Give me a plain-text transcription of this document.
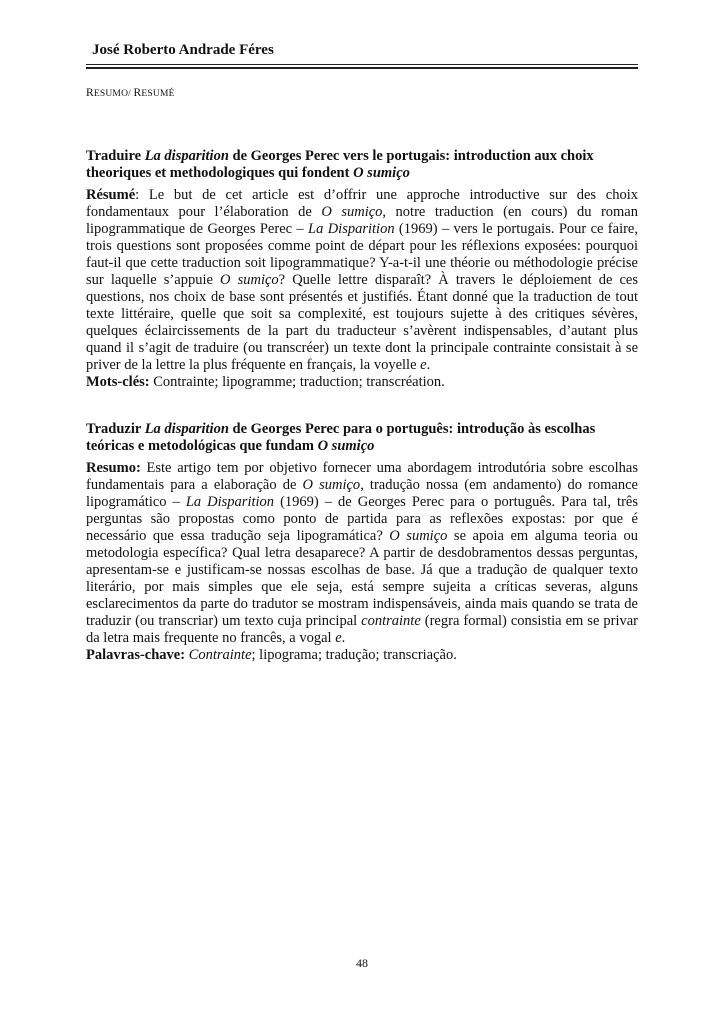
José Roberto Andrade Féres
RESUMO/ RESUMÉ

Traduire La disparition de Georges Perec vers le portugais: introduction aux choix theoriques et methodologiques qui fondent O sumiço

Résumé: Le but de cet article est d’offrir une approche introductive sur des choix fondamentaux pour l’élaboration de O sumiço, notre traduction (en cours) du roman lipogrammatique de Georges Perec – La Disparition (1969) – vers le portugais. Pour ce faire, trois questions sont proposées comme point de départ pour les réflexions exposées: pourquoi faut-il que cette traduction soit lipogrammatique? Y-a-t-il une théorie ou méthodologie précise sur laquelle s’appuie O sumiço? Quelle lettre disparaît? À travers le déploiement de ces questions, nos choix de base sont présentés et justifiés. Étant donné que la traduction de tout texte littéraire, quelle que soit sa complexité, est toujours sujette à des critiques sévères, quelques éclaircissements de la part du traducteur s’avèrent indispensables, d’autant plus quand il s’agit de traduire (ou transcréer) un texte dont la principale contrainte consistait à se priver de la lettre la plus fréquente en français, la voyelle e.

Mots-clés: Contrainte; lipogramme; traduction; transcréation.

Traduzir La disparition de Georges Perec para o português: introdução às escolhas teóricas e metodológicas que fundam O sumiço

Resumo: Este artigo tem por objetivo fornecer uma abordagem introdutória sobre escolhas fundamentais para a elaboração de O sumiço, tradução nossa (em andamento) do romance lipogramático – La Disparition (1969) – de Georges Perec para o português. Para tal, três perguntas são propostas como ponto de partida para as reflexões expostas: por que é necessário que essa tradução seja lipogramática? O sumiço se apoia em alguma teoria ou metodologia específica? Qual letra desaparece? A partir de desdobramentos dessas perguntas, apresentam-se e justificam-se nossas escolhas de base. Já que a tradução de qualquer texto literário, por mais simples que ele seja, está sempre sujeita a críticas severas, alguns esclarecimentos da parte do tradutor se mostram indispensáveis, ainda mais quando se trata de traduzir (ou transcriar) um texto cuja principal contrainte (regra formal) consistia em se privar da letra mais frequente no francês, a vogal e.

Palavras-chave: Contrainte; lipograma; tradução; transcriação.

48
